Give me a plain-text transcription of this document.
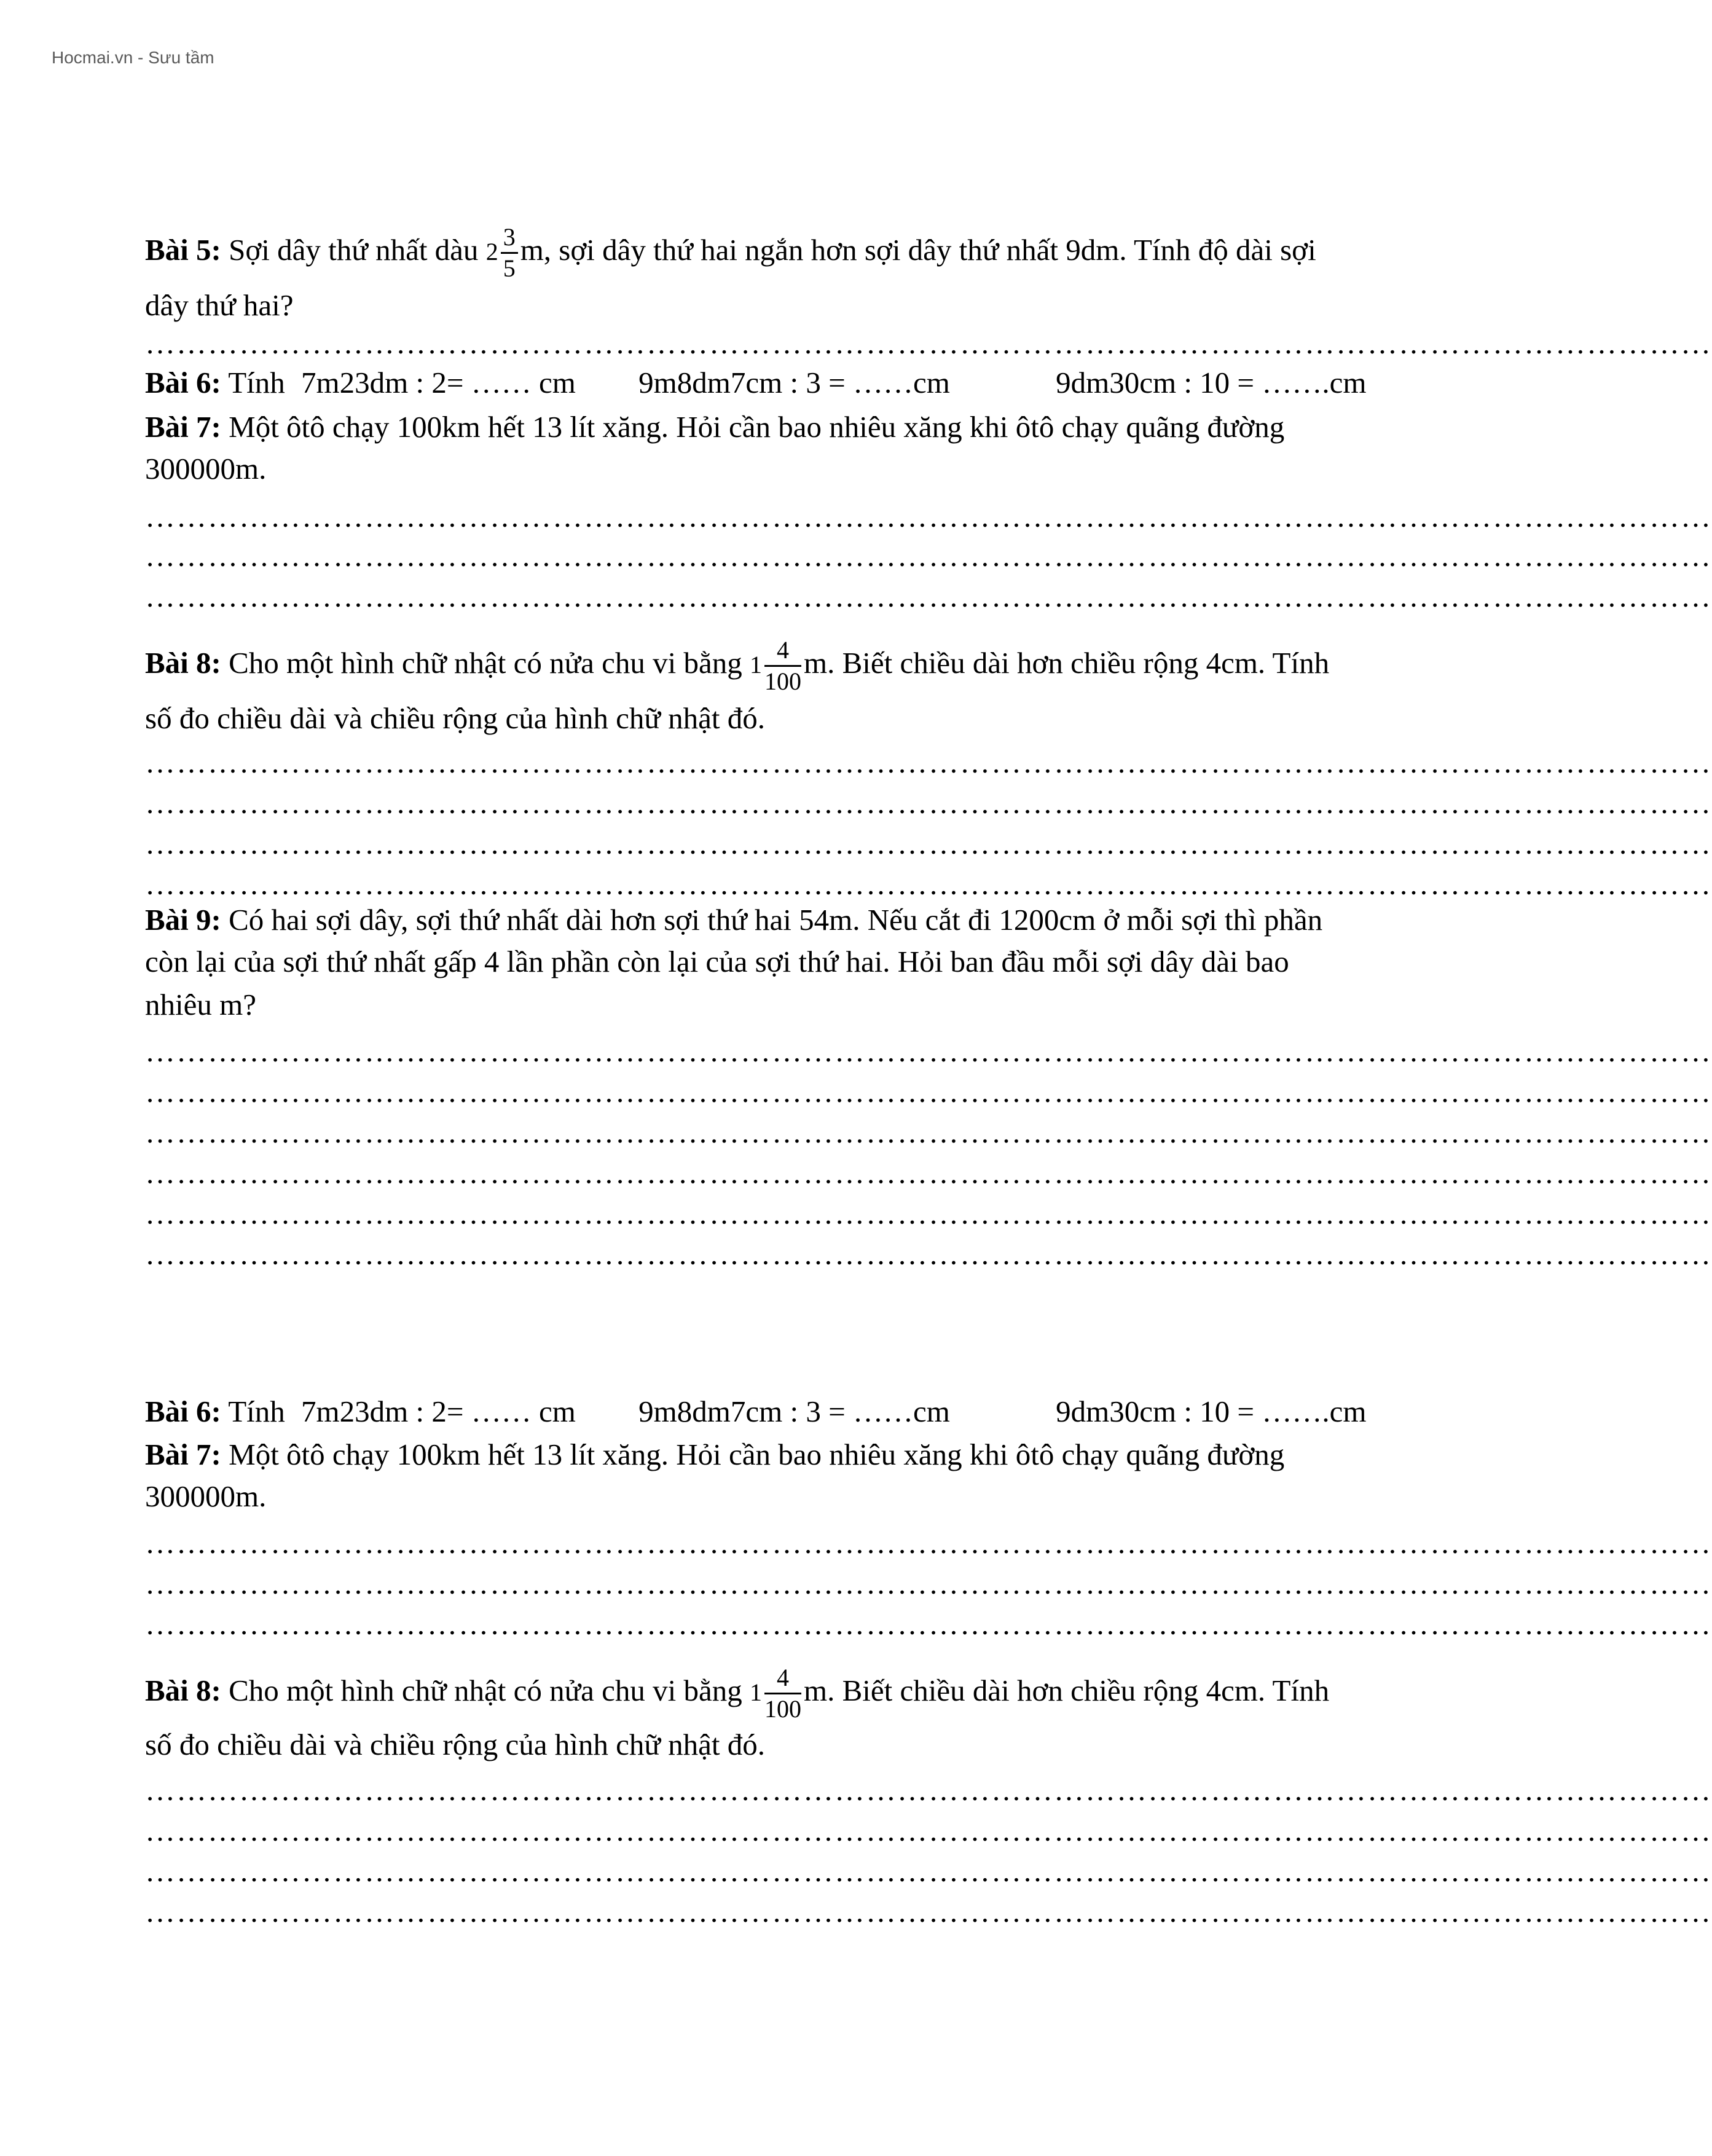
Hocmai.vn - Sưu tầm
Bài 5: Sợi dây thứ nhất dàu $2 \frac{3}{5} m$, sợi dây thứ hai ngắn hơn sợi dây thứ nhất 9dm. Tính độ dài sợi
dây thứ hai?
……………………………………………………………………………………………………………………………………
Bài 6: Tính 7m23dm : 2= …… cm 9m8dm7cm : 3 = ……cm	9dm30cm : 10 = …….cm
Bài 7: Một ôtô chạy 100km hết 13 lít xăng. Hỏi cần bao nhiêu xăng khi ôtô chạy quãng đường
300000m.
……………………………………………………………………………………………………………………………………
……………………………………………………………………………………………………………………………………
……………………………………………………………………………………………………………………………………
Bài 8: Cho một hình chữ nhật có nửa chu vi bằng $1 \frac{4}{100} m$. Biết chiều dài hơn chiều rộng 4cm. Tính
số đo chiều dài và chiều rộng của hình chữ nhật đó.
……………………………………………………………………………………………………………………………………
……………………………………………………………………………………………………………………………………
……………………………………………………………………………………………………………………………………
……………………………………………………………………………………………………………………………………
Bài 9: Có hai sợi dây, sợi thứ nhất dài hơn sợi thứ hai 54m. Nếu cắt đi 1200cm ở mỗi sợi thì phần
còn lại của sợi thứ nhất gấp 4 lần phần còn lại của sợi thứ hai. Hỏi ban đầu mỗi sợi dây dài bao
nhiêu m?
……………………………………………………………………………………………………………………………………
……………………………………………………………………………………………………………………………………
……………………………………………………………………………………………………………………………………
……………………………………………………………………………………………………………………………………
……………………………………………………………………………………………………………………………………
……………………………………………………………………………………………………………………………………
Bài 6: Tính 7m23dm : 2= …… cm 9m8dm7cm : 3 = ……cm	9dm30cm : 10 = …….cm
Bài 7: Một ôtô chạy 100km hết 13 lít xăng. Hỏi cần bao nhiêu xăng khi ôtô chạy quãng đường
300000m.
……………………………………………………………………………………………………………………………………
……………………………………………………………………………………………………………………………………
……………………………………………………………………………………………………………………………………
Bài 8: Cho một hình chữ nhật có nửa chu vi bằng $1 \frac{4}{100} m$. Biết chiều dài hơn chiều rộng 4cm. Tính
số đo chiều dài và chiều rộng của hình chữ nhật đó.
……………………………………………………………………………………………………………………………………
……………………………………………………………………………………………………………………………………
……………………………………………………………………………………………………………………………………
……………………………………………………………………………………………………………………………………
